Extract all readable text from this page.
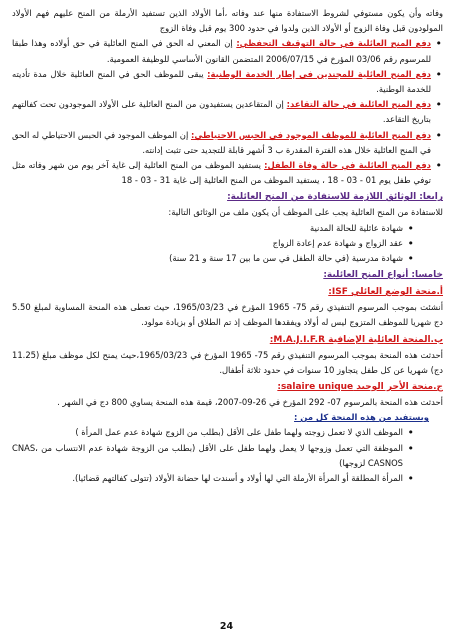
وفاته وأن يكون مستوفي لشروط الاستفادة منها عند وفاته ،أما الأولاد الذين تستفيد الأرملة من المنح عليهم فهم الأولاد المولودون قبل وفاة الزوج أو الأولاد الذين ولدوا في حدود 300 يوم قبل وفاة الزوج
• دفع المنح العائلية في حالة التوقيف التحفظي: إن المعني له الحق في المنح العائلية في حق أولاده وهذا طبقا للمرسوم رقم 03/06 المؤرخ في 2006/07/15 المتضمن القانون الأساسي للوظيفة العمومية.
• دفع المنح العائلية للمجندين في إطار الخدمة الوطنية: يبقى للموظف الحق في المنح العائلية خلال مدة تأديته للخدمة الوطنية.
• دفع المنح العائلية في حالة التقاعد: إن المتقاعدين يستفيدون من المنح العائلية على الأولاد الموجودون تحت كفالتهم بتاريخ التقاعد.
• دفع المنح العائلية للموظف الموجود في الحبس الاحتياطي: إن الموظف الموجود في الحبس الاحتياطي له الحق في المنح العائلية خلال هذه الفترة المقدرة ب 3 أشهر قابلة للتجديد حتى تثبت إدانته.
• دفع المنح العائلية في حالة وفاة الطفل: يستفيد الموظف من المنح العائلية إلى غاية آخر يوم من شهر وفاته مثل توفي طفل يوم 01 - 03 - 18 ، يستفيد الموظف من المنح العائلية إلى غاية 31 - 03 - 18
رابعا: الوثائق اللازمة للاستفادة من المنح العائلية:
للاستفادة من المنح العائلية يجب على الموظف أن يكون ملف من الوثائق التالية:
• شهادة عائلية للحالة المدنية
• عقد الزواج و شهادة عدم إعادة الزواج
• شهادة مدرسية (في حالة الطفل في سن ما بين 17 سنة و 21 سنة)
خامسا: أنواع المنح العائلية:
أ.منحة الوضع العائلي ISF:
أنشئت بموجب المرسوم التنفيذي رقم 75- 1965 المؤرخ في 1965/03/23، حيث تعطى هذه المنحة المساوية لمبلغ 5.50 دج شهريا للموظف المتزوج ليس له أولاد ويفقدها الموظف إذ تم الطلاق أو بزيادة مولود.
ب.المنحة العائلية الإضافية M.A.J.I.F.R:
أحدثت هذه المنحة بموجب المرسوم التنفيذي رقم 75- 1965 المؤرخ في 1965/03/23،حيث يمنح لكل موظف مبلغ (11.25 دج) شهريا عن كل طفل يتجاوز 10 سنوات في حدود ثلاثة أطفال.
ج.منحة الأجر الوحيد salaire unique:
أحدثت هذه المنحة بالمرسوم 07- 292 المؤرخ في 26-09-2007، قيمة هذه المنحة يساوي 800 دج في الشهر .
ويستفيد من هذه المنحة كل من :
• الموظف الذي لا تعمل زوجته ولهما طفل على الأقل (بطلب من الزوج شهادة عدم عمل المرأة )
• الموظفة التي تعمل وزوجها لا يعمل ولهما طفل على الأقل (بطلب من الزوجة شهادة عدم الانتساب من CNAS، CASNOS لزوجها)
• المرأة المطلقة أو المرأة الأرملة التي لها أولاد و أسندت لها حضانة الأولاد (تتولى كفالتهم قضائيا).
24
